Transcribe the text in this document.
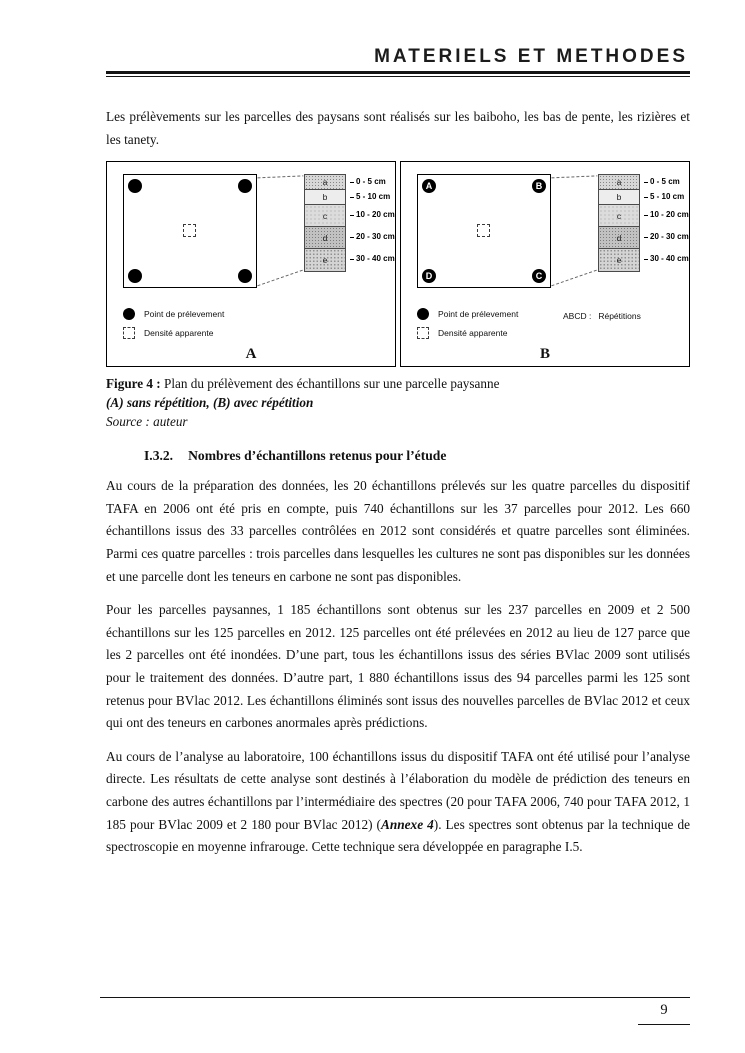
MATERIELS ET METHODES

Les prélèvements sur les parcelles des paysans sont réalisés sur les baiboho, les bas de pente, les rizières et les tanety.

a
b
c
d
e
0 - 5 cm
5 - 10 cm
10 - 20 cm
20 - 30 cm
30 - 40 cm
Point de prélevement
Densité apparente
A
A	B
D	C
a
b
c
d
e
0 - 5 cm
5 - 10 cm
10 - 20 cm
20 - 30 cm
30 - 40 cm
Point de prélevement
Densité apparente
ABCD : Répétitions
B
Figure 4 : Plan du prélèvement des échantillons sur une parcelle paysanne
(A) sans répétition, (B) avec répétition
Source : auteur
I.3.2. Nombres d’échantillons retenus pour l’étude

Au cours de la préparation des données, les 20 échantillons prélevés sur les quatre parcelles du dispositif TAFA en 2006 ont été pris en compte, puis 740 échantillons sur les 37 parcelles pour 2012. Les 660 échantillons issus des 33 parcelles contrôlées en 2012 sont considérés et quatre parcelles sont éliminées. Parmi ces quatre parcelles : trois parcelles dans lesquelles les cultures ne sont pas disponibles sur les données et une parcelle dont les teneurs en carbone ne sont pas disponibles.

Pour les parcelles paysannes, 1 185 échantillons sont obtenus sur les 237 parcelles en 2009 et 2 500 échantillons sur les 125 parcelles en 2012. 125 parcelles ont été prélevées en 2012 au lieu de 127 parce que les 2 parcelles ont été inondées. D’une part, tous les échantillons issus des séries BVlac 2009 sont utilisés pour le traitement des données. D’autre part, 1 880 échantillons issus des 94 parcelles parmi les 125 sont retenus pour BVlac 2012. Les échantillons éliminés sont issus des nouvelles parcelles de BVlac 2012 et ceux qui ont des teneurs en carbones anormales après prédictions.

Au cours de l’analyse au laboratoire, 100 échantillons issus du dispositif TAFA ont été utilisé pour l’analyse directe. Les résultats de cette analyse sont destinés à l’élaboration du modèle de prédiction des teneurs en carbone des autres échantillons par l’intermédiaire des spectres (20 pour TAFA 2006, 740 pour TAFA 2012, 1 185 pour BVlac 2009 et 2 180 pour BVlac 2012) (Annexe 4). Les spectres sont obtenus par la technique de spectroscopie en moyenne infrarouge. Cette technique sera développée en paragraphe I.5.

9
